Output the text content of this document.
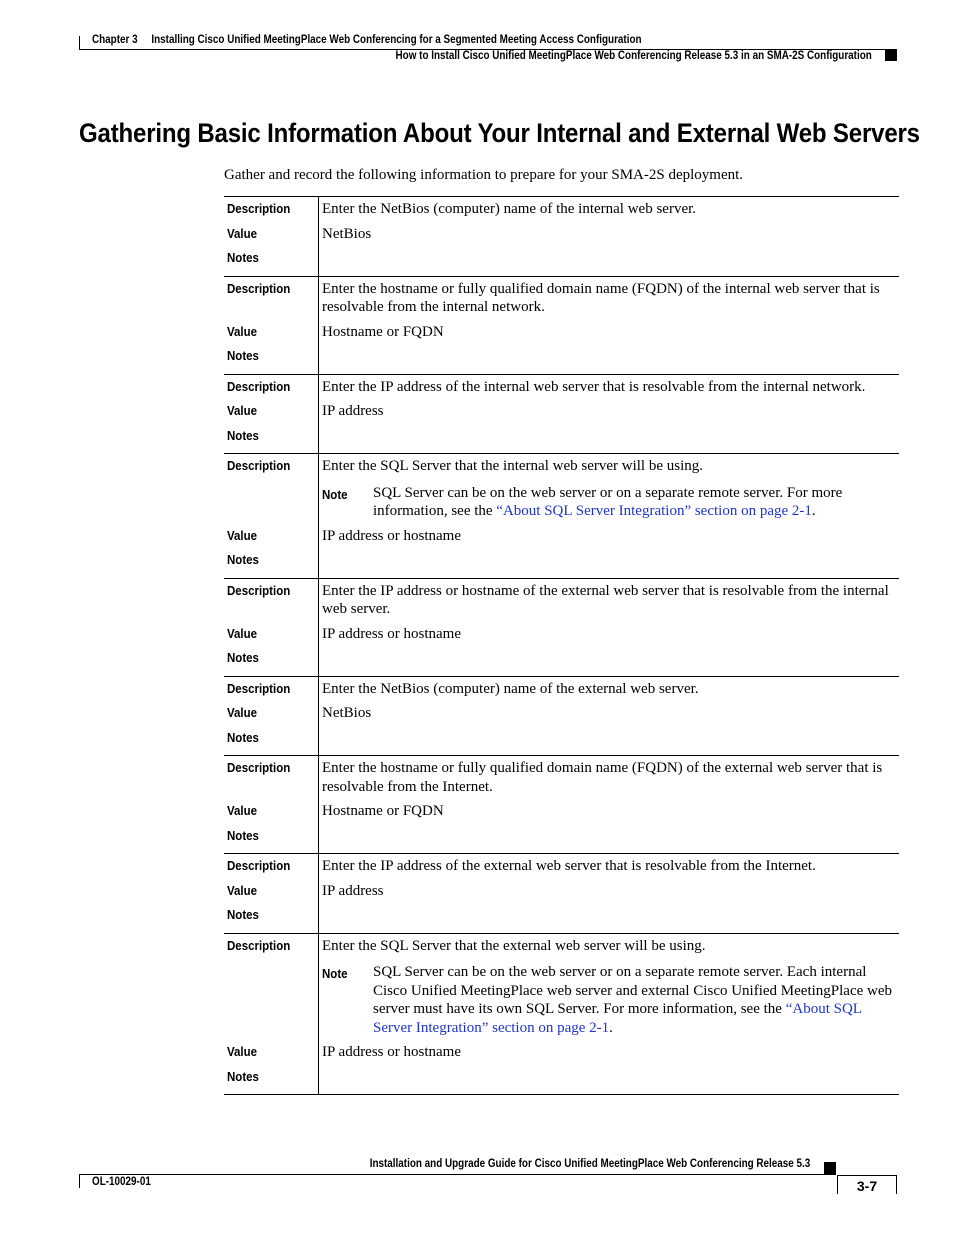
Chapter 3 Installing Cisco Unified MeetingPlace Web Conferencing for a Segmented Meeting Access Configuration
How to Install Cisco Unified MeetingPlace Web Conferencing Release 5.3 in an SMA-2S Configuration
Gathering Basic Information About Your Internal and External Web Servers
Gather and record the following information to prepare for your SMA-2S deployment.
Description	Enter the NetBios (computer) name of the internal web server.

Value	NetBios

Notes	

Description	Enter the hostname or fully qualified domain name (FQDN) of the internal web server that is resolvable from the internal network.

Value	Hostname or FQDN

Notes	

Description	Enter the IP address of the internal web server that is resolvable from the internal network.

Value	IP address

Notes	

Description	Enter the SQL Server that the internal web server will be using.
Note SQL Server can be on the web server or on a separate remote server. For more information, see the “About SQL Server Integration” section on page 2-1.

Value	IP address or hostname

Notes	

Description	Enter the IP address or hostname of the external web server that is resolvable from the internal web server.

Value	IP address or hostname

Notes	

Description	Enter the NetBios (computer) name of the external web server.

Value	NetBios

Notes	

Description	Enter the hostname or fully qualified domain name (FQDN) of the external web server that is resolvable from the Internet.

Value	Hostname or FQDN

Notes	

Description	Enter the IP address of the external web server that is resolvable from the Internet.

Value	IP address

Notes	

Description	Enter the SQL Server that the external web server will be using.
Note SQL Server can be on the web server or on a separate remote server. Each internal Cisco Unified MeetingPlace web server and external Cisco Unified MeetingPlace web server must have its own SQL Server. For more information, see the “About SQL Server Integration” section on page 2-1.

Value	IP address or hostname

Notes	

Installation and Upgrade Guide for Cisco Unified MeetingPlace Web Conferencing Release 5.3
OL-10029-01	3-7
